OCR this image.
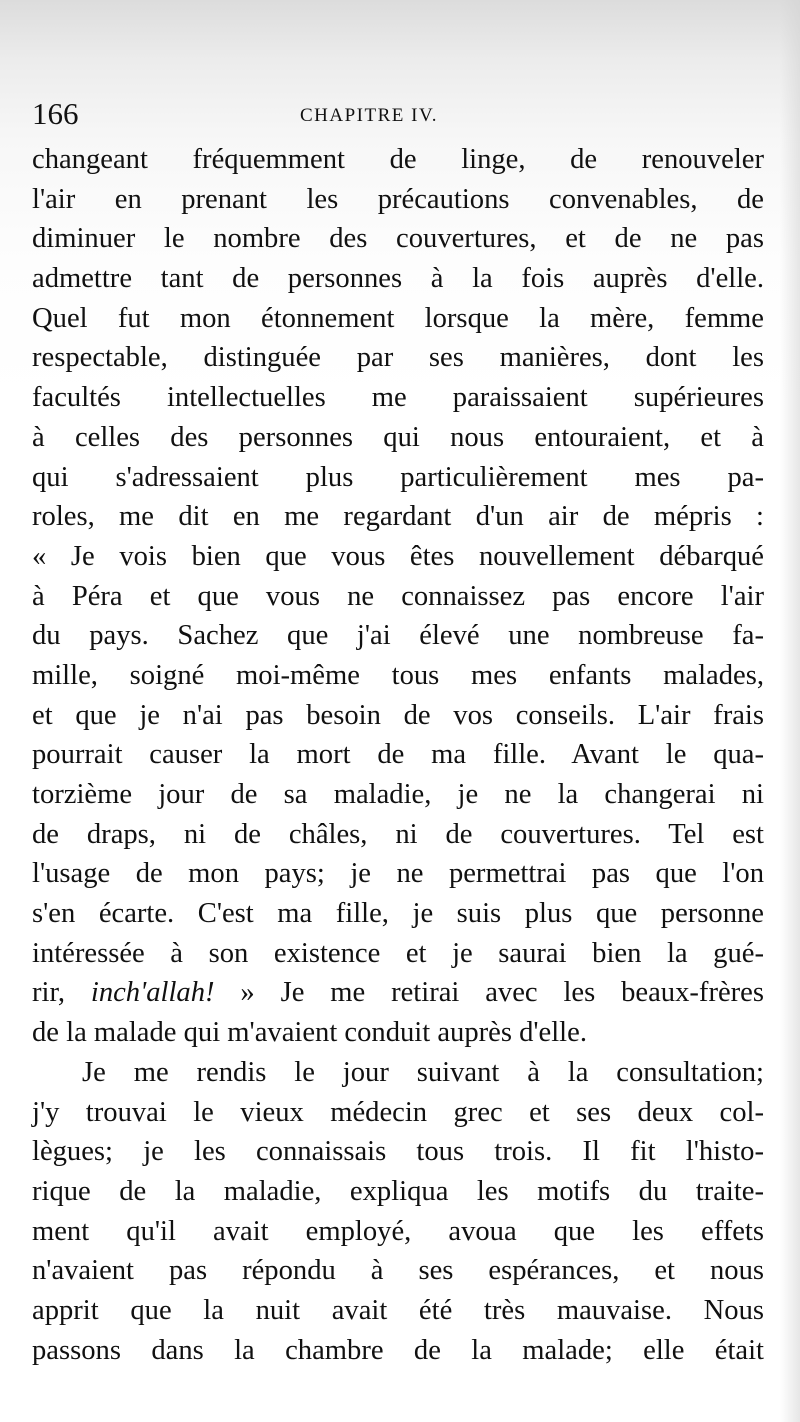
166	CHAPITRE IV.
changeant fréquemment de linge, de renouveler
l'air en prenant les précautions convenables, de
diminuer le nombre des couvertures, et de ne pas
admettre tant de personnes à la fois auprès d'elle.
Quel fut mon étonnement lorsque la mère, femme
respectable, distinguée par ses manières, dont les
facultés intellectuelles me paraissaient supérieures
à celles des personnes qui nous entouraient, et à
qui s'adressaient plus particulièrement mes pa-
roles, me dit en me regardant d'un air de mépris :
« Je vois bien que vous êtes nouvellement débarqué
à Péra et que vous ne connaissez pas encore l'air
du pays. Sachez que j'ai élevé une nombreuse fa-
mille, soigné moi-même tous mes enfants malades,
et que je n'ai pas besoin de vos conseils. L'air frais
pourrait causer la mort de ma fille. Avant le qua-
torzième jour de sa maladie, je ne la changerai ni
de draps, ni de châles, ni de couvertures. Tel est
l'usage de mon pays; je ne permettrai pas que l'on
s'en écarte. C'est ma fille, je suis plus que personne
intéressée à son existence et je saurai bien la gué-
rir, inch'allah! » Je me retirai avec les beaux-frères
de la malade qui m'avaient conduit auprès d'elle.
Je me rendis le jour suivant à la consultation;
j'y trouvai le vieux médecin grec et ses deux col-
lègues; je les connaissais tous trois. Il fit l'histo-
rique de la maladie, expliqua les motifs du traite-
ment qu'il avait employé, avoua que les effets
n'avaient pas répondu à ses espérances, et nous
apprit que la nuit avait été très mauvaise. Nous
passons dans la chambre de la malade; elle était
